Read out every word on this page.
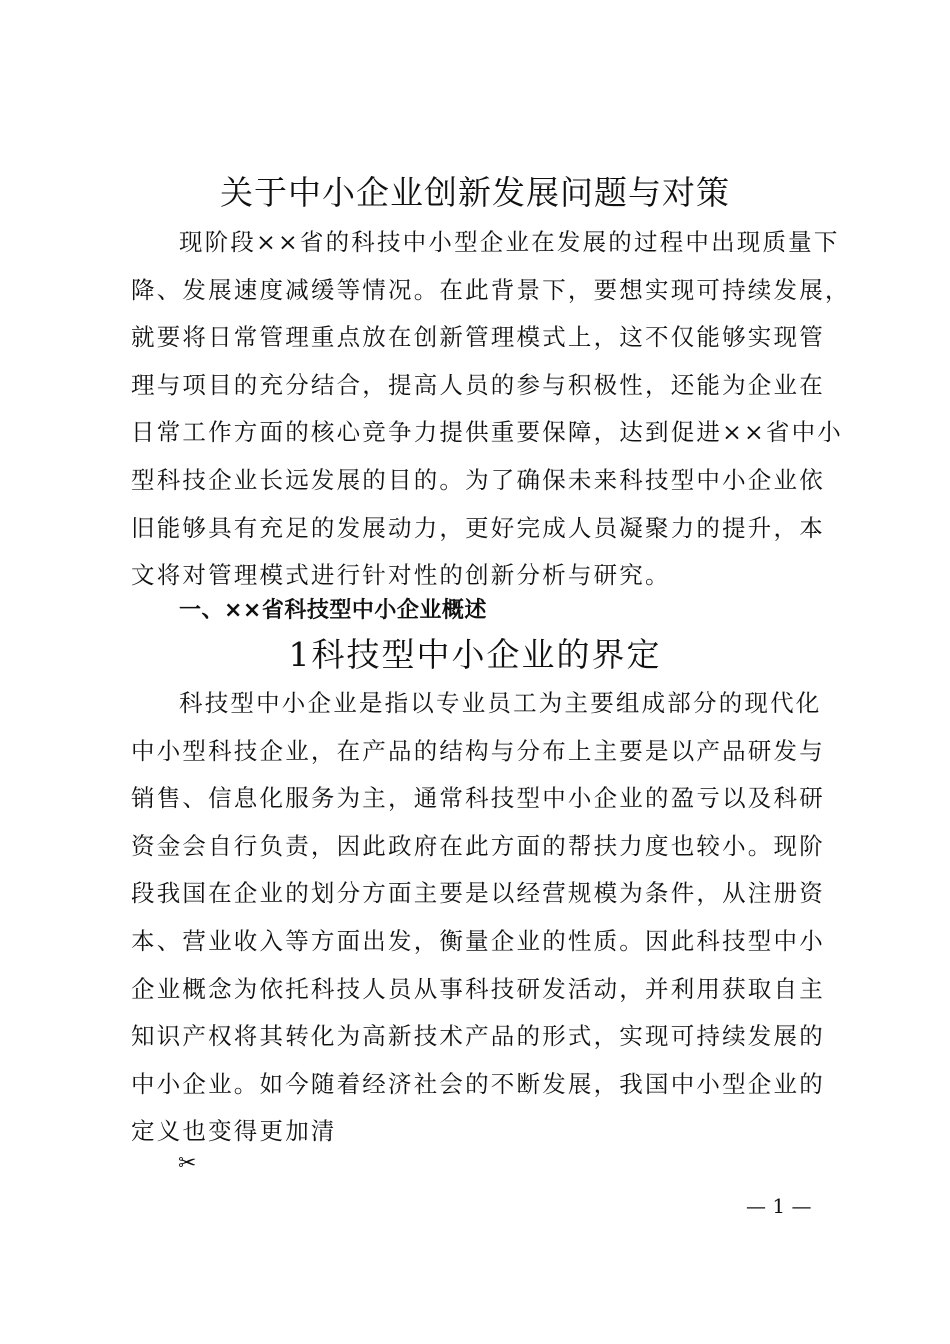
关于中小企业创新发展问题与对策
现阶段××省的科技中小型企业在发展的过程中出现质量下
降、发展速度减缓等情况。在此背景下，要想实现可持续发展，
就要将日常管理重点放在创新管理模式上，这不仅能够实现管
理与项目的充分结合，提高人员的参与积极性，还能为企业在
日常工作方面的核心竞争力提供重要保障，达到促进××省中小
型科技企业长远发展的目的。为了确保未来科技型中小企业依
旧能够具有充足的发展动力，更好完成人员凝聚力的提升，本
文将对管理模式进行针对性的创新分析与研究。
一、××省科技型中小企业概述
1科技型中小企业的界定
科技型中小企业是指以专业员工为主要组成部分的现代化
中小型科技企业，在产品的结构与分布上主要是以产品研发与
销售、信息化服务为主，通常科技型中小企业的盈亏以及科研
资金会自行负责，因此政府在此方面的帮扶力度也较小。现阶
段我国在企业的划分方面主要是以经营规模为条件，从注册资
本、营业收入等方面出发，衡量企业的性质。因此科技型中小
企业概念为依托科技人员从事科技研发活动，并利用获取自主
知识产权将其转化为高新技术产品的形式，实现可持续发展的
中小企业。如今随着经济社会的不断发展，我国中小型企业的
定义也变得更加清
✂
— 1 —
